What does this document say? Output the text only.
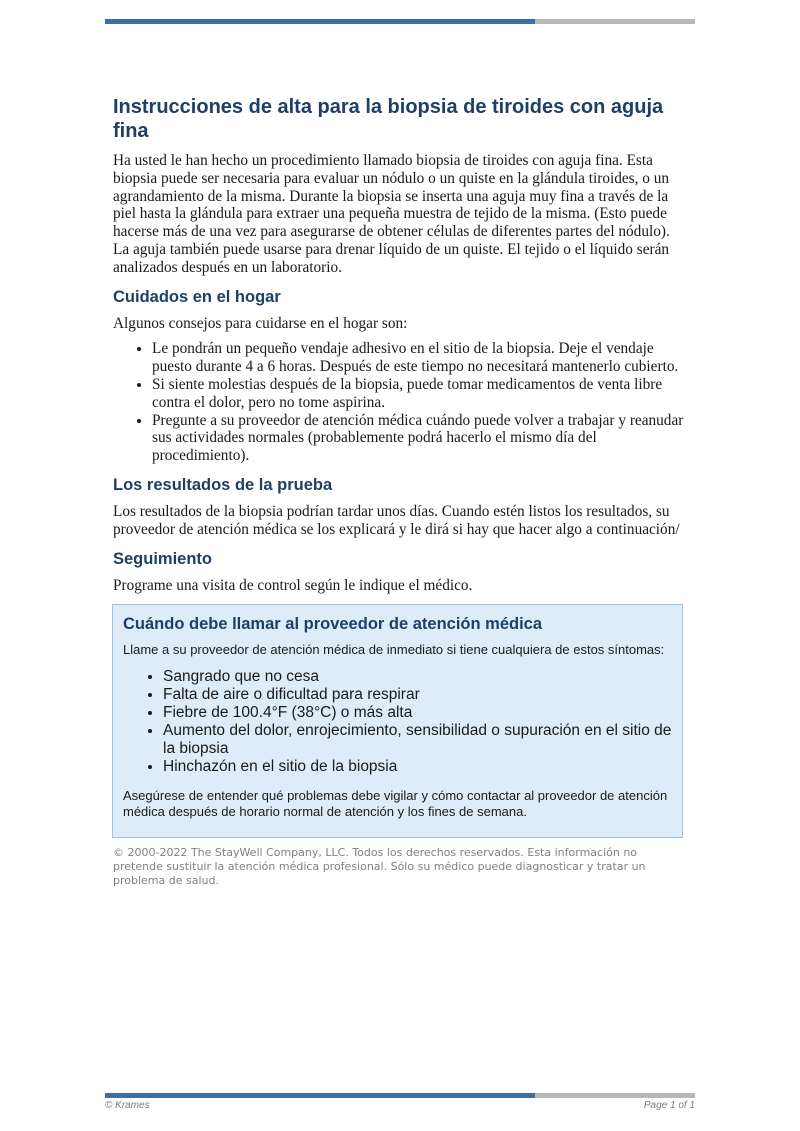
Instrucciones de alta para la biopsia de tiroides con aguja fina

Ha usted le han hecho un procedimiento llamado biopsia de tiroides con aguja fina. Esta biopsia puede ser necesaria para evaluar un nódulo o un quiste en la glándula tiroides, o un agrandamiento de la misma. Durante la biopsia se inserta una aguja muy fina a través de la piel hasta la glándula para extraer una pequeña muestra de tejido de la misma. (Esto puede hacerse más de una vez para asegurarse de obtener células de diferentes partes del nódulo). La aguja también puede usarse para drenar líquido de un quiste. El tejido o el líquido serán analizados después en un laboratorio.

Cuidados en el hogar

Algunos consejos para cuidarse en el hogar son:

• Le pondrán un pequeño vendaje adhesivo en el sitio de la biopsia. Deje el vendaje puesto durante 4 a 6 horas. Después de este tiempo no necesitará mantenerlo cubierto.
• Si siente molestias después de la biopsia, puede tomar medicamentos de venta libre contra el dolor, pero no tome aspirina.
• Pregunte a su proveedor de atención médica cuándo puede volver a trabajar y reanudar sus actividades normales (probablemente podrá hacerlo el mismo día del procedimiento).
Los resultados de la prueba

Los resultados de la biopsia podrían tardar unos días. Cuando estén listos los resultados, su proveedor de atención médica se los explicará y le dirá si hay que hacer algo a continuación/

Seguimiento

Programe una visita de control según le indique el médico.

Cuándo debe llamar al proveedor de atención médica

Llame a su proveedor de atención médica de inmediato si tiene cualquiera de estos síntomas:

• Sangrado que no cesa
• Falta de aire o dificultad para respirar
• Fiebre de 100.4°F (38°C) o más alta
• Aumento del dolor, enrojecimiento, sensibilidad o supuración en el sitio de la biopsia
• Hinchazón en el sitio de la biopsia

Asegúrese de entender qué problemas debe vigilar y cómo contactar al proveedor de atención médica después de horario normal de atención y los fines de semana.

© 2000-2022 The StayWell Company, LLC. Todos los derechos reservados. Esta información no pretende sustituir la atención médica profesional. Sólo su médico puede diagnosticar y tratar un problema de salud.
© Krames	Page 1 of 1
